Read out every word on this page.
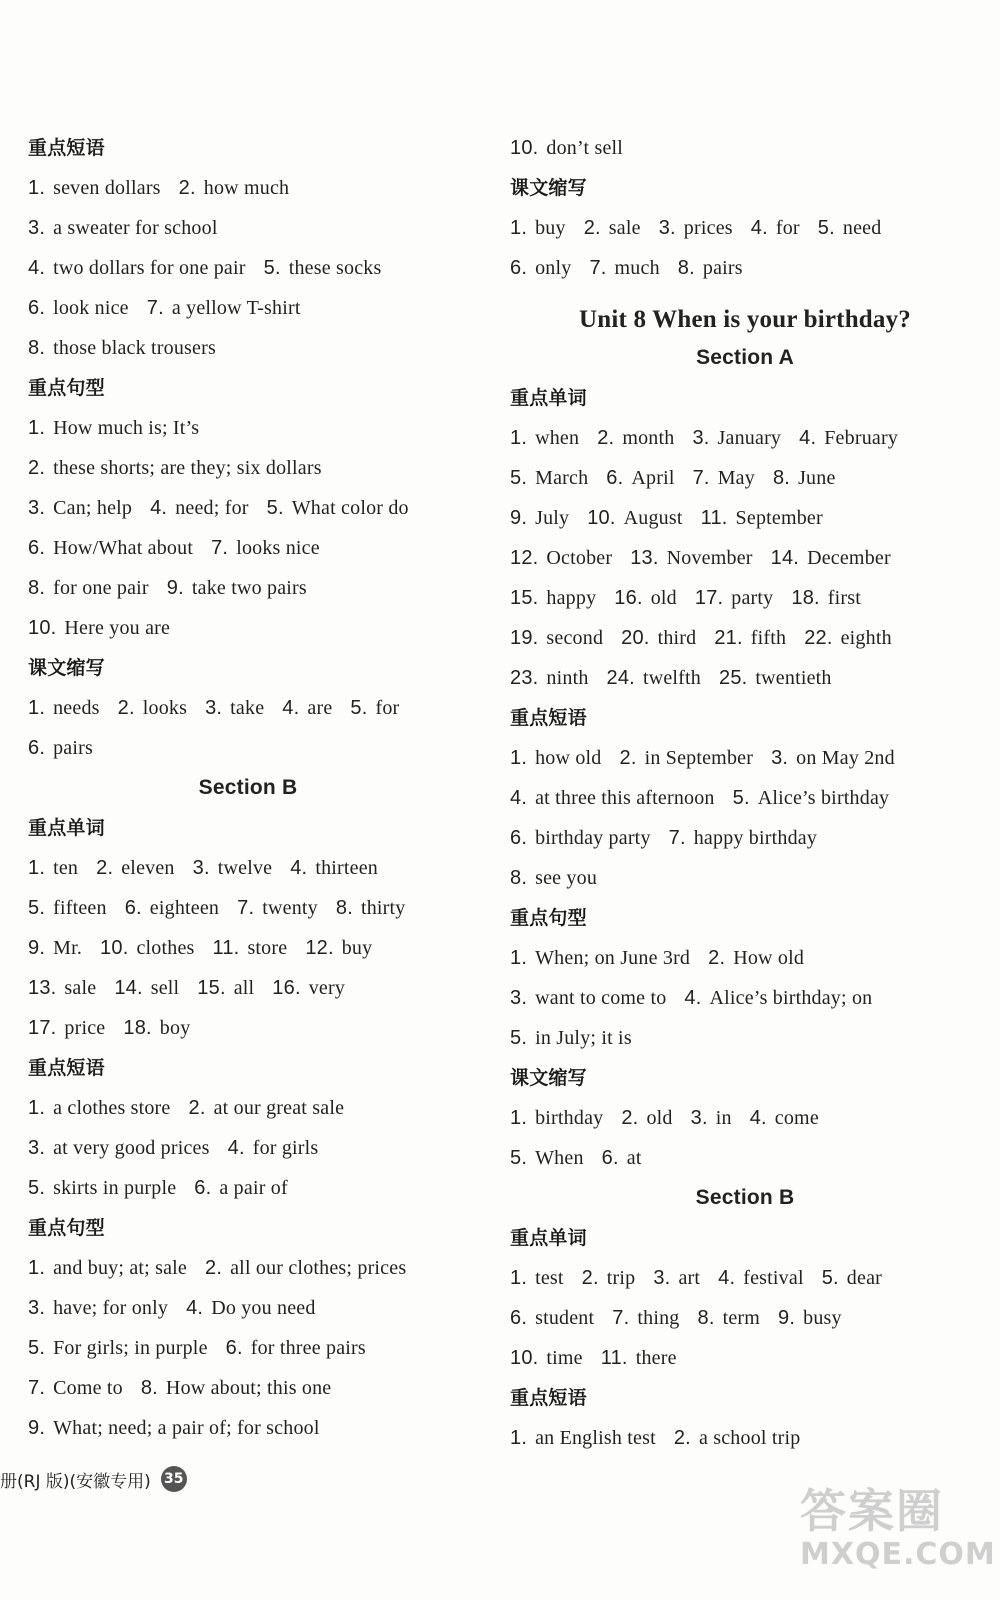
重点短语
1. seven dollars 2. how much
3. a sweater for school
4. two dollars for one pair 5. these socks
6. look nice 7. a yellow T-shirt
8. those black trousers
重点句型
1. How much is; It’s
2. these shorts; are they; six dollars
3. Can; help 4. need; for 5. What color do
6. How/What about 7. looks nice
8. for one pair 9. take two pairs
10. Here you are
课文缩写
1. needs 2. looks 3. take 4. are 5. for
6. pairs
Section B
重点单词
1. ten 2. eleven 3. twelve 4. thirteen
5. fifteen 6. eighteen 7. twenty 8. thirty
9. Mr. 10. clothes 11. store 12. buy
13. sale 14. sell 15. all 16. very
17. price 18. boy
重点短语
1. a clothes store 2. at our great sale
3. at very good prices 4. for girls
5. skirts in purple 6. a pair of
重点句型
1. and buy; at; sale 2. all our clothes; prices
3. have; for only 4. Do you need
5. For girls; in purple 6. for three pairs
7. Come to 8. How about; this one
9. What; need; a pair of; for school
10. don’t sell
课文缩写
1. buy 2. sale 3. prices 4. for 5. need
6. only 7. much 8. pairs
Unit 8 When is your birthday?
Section A
重点单词
1. when 2. month 3. January 4. February
5. March 6. April 7. May 8. June
9. July 10. August 11. September
12. October 13. November 14. December
15. happy 16. old 17. party 18. first
19. second 20. third 21. fifth 22. eighth
23. ninth 24. twelfth 25. twentieth
重点短语
1. how old 2. in September 3. on May 2nd
4. at three this afternoon 5. Alice’s birthday
6. birthday party 7. happy birthday
8. see you
重点句型
1. When; on June 3rd 2. How old
3. want to come to 4. Alice’s birthday; on
5. in July; it is
课文缩写
1. birthday 2. old 3. in 4. come
5. When 6. at
Section B
重点单词
1. test 2. trip 3. art 4. festival 5. dear
6. student 7. thing 8. term 9. busy
10. time 11. there
重点短语
1. an English test 2. a school trip
册(RJ 版)(安徽专用) 35
答案圈
MXQE.COM
